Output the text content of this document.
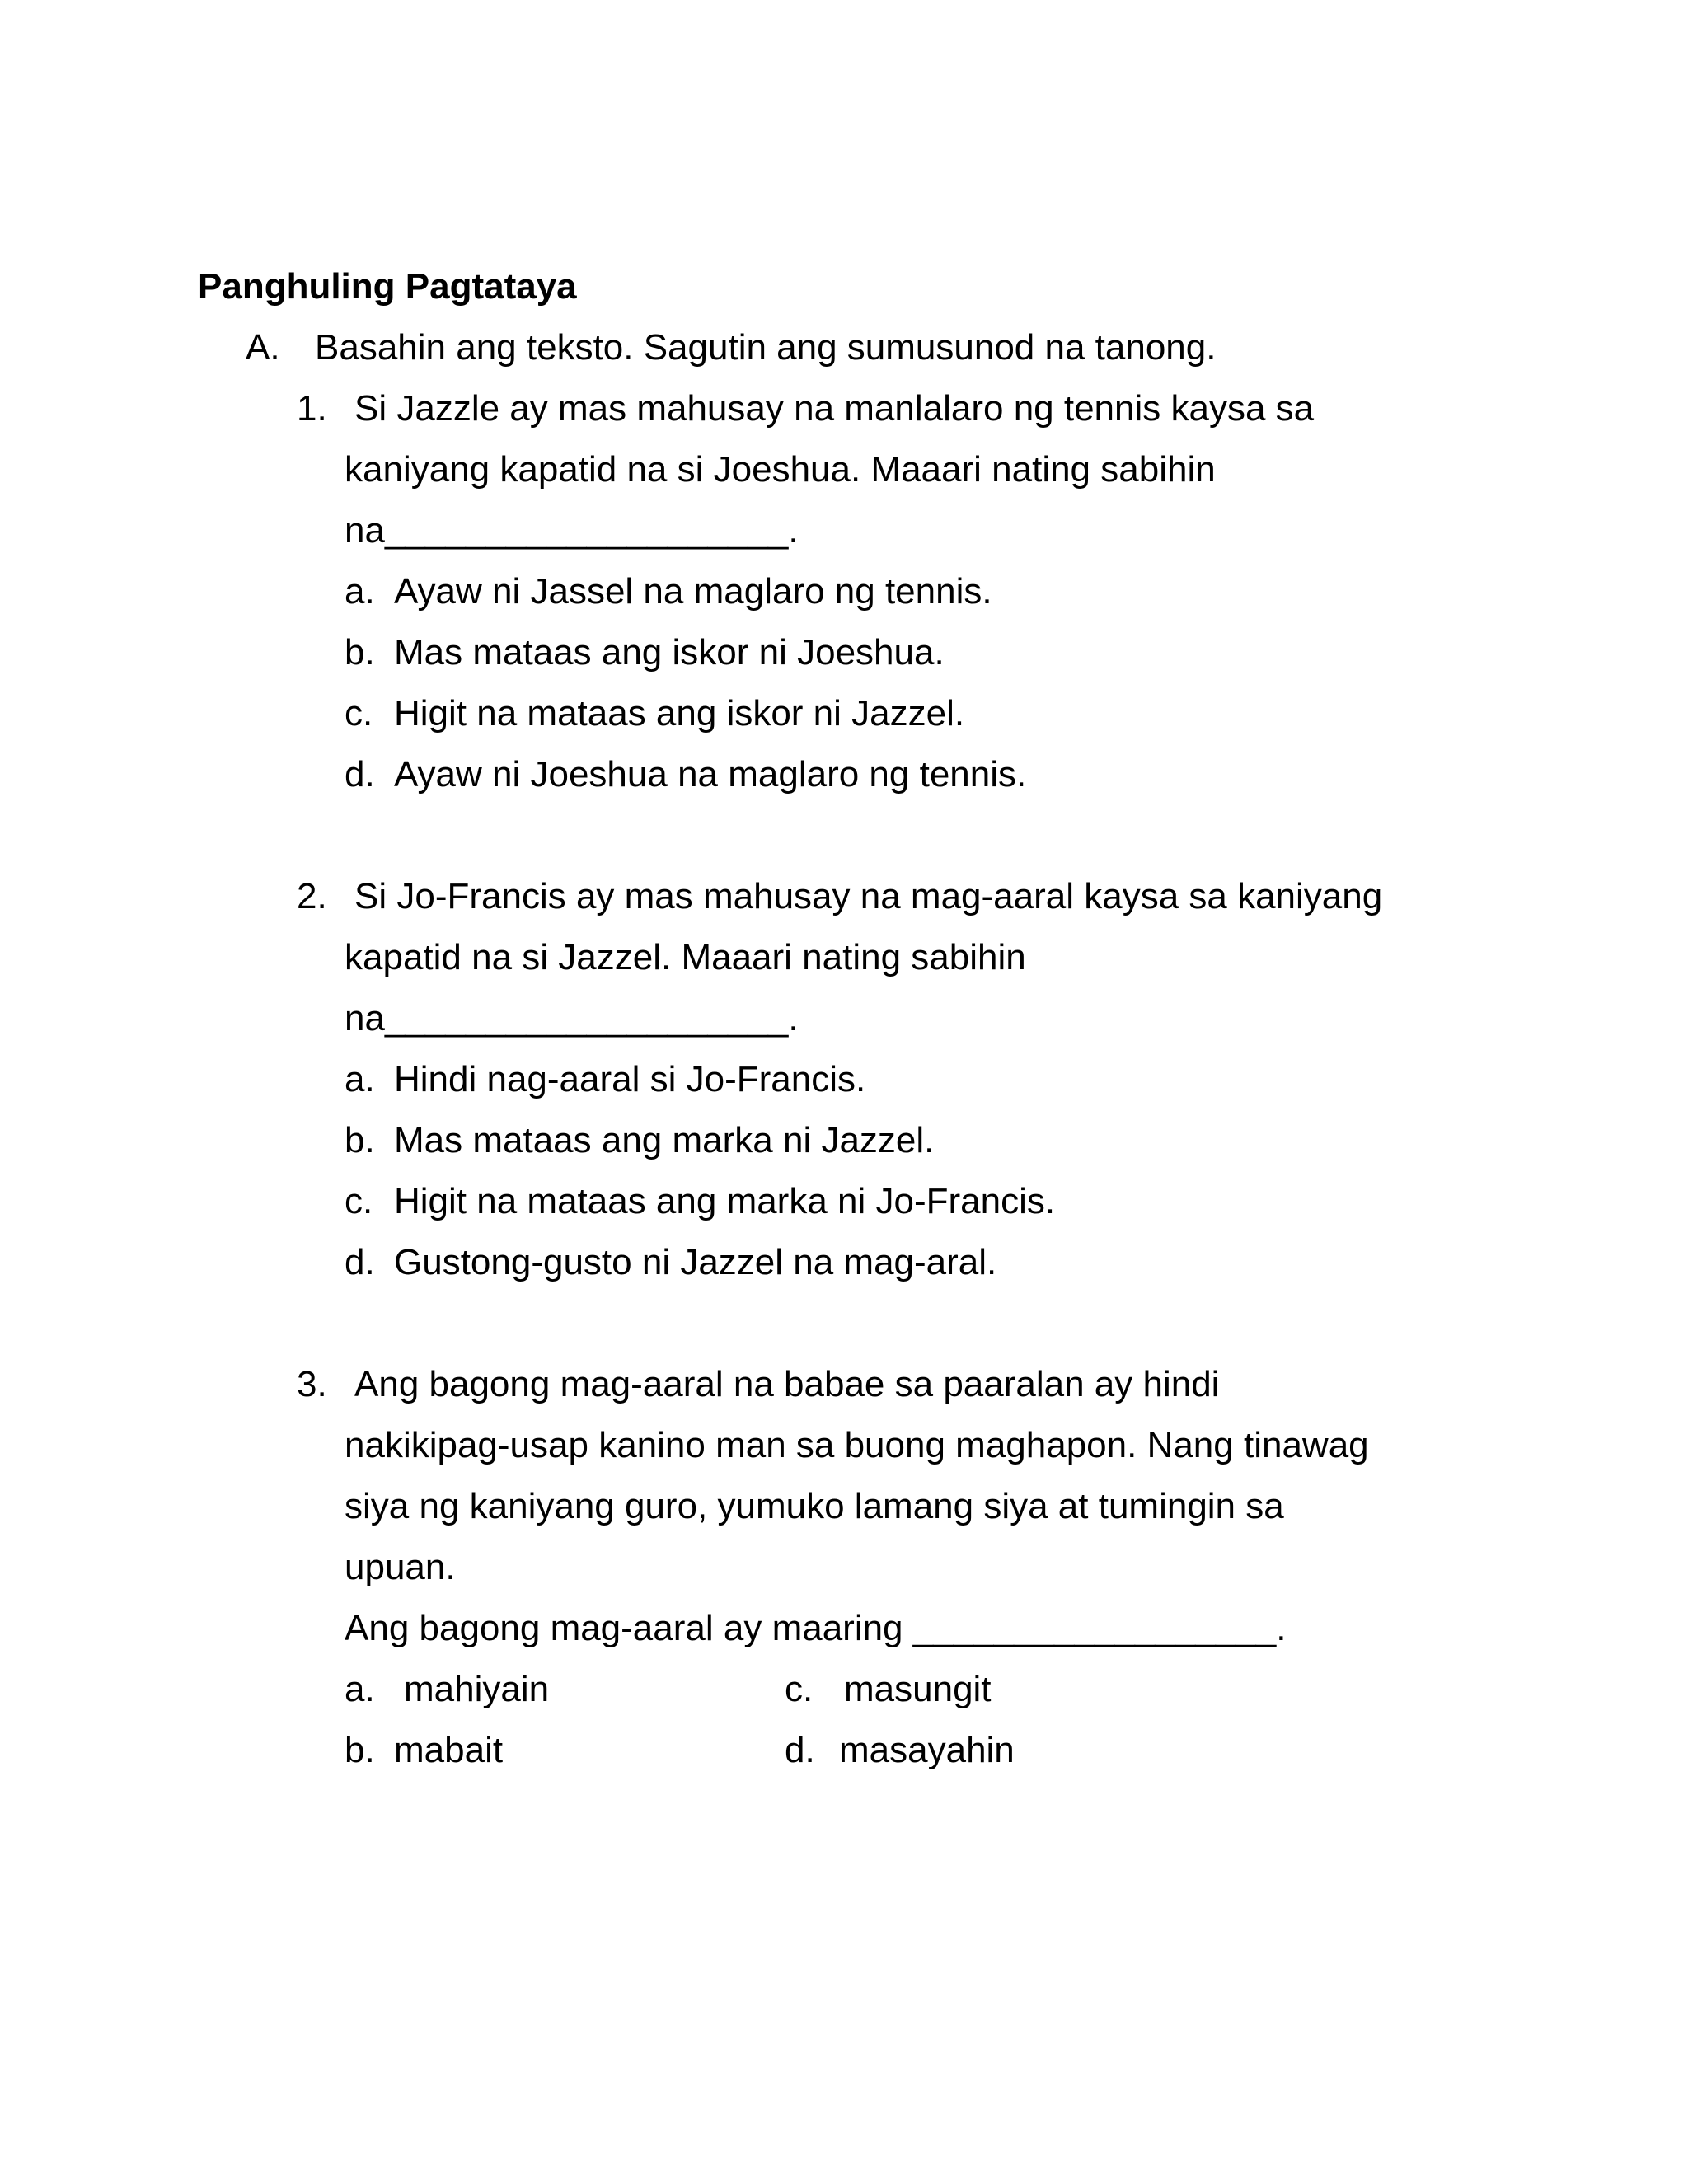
Panghuling Pagtataya
A. Basahin ang teksto. Sagutin ang sumusunod na tanong.
1. Si Jazzle ay mas mahusay na manlalaro ng tennis kaysa sa
kaniyang kapatid na si Joeshua. Maaari nating sabihin
na____________________.
a. Ayaw ni Jassel na maglaro ng tennis.
b. Mas mataas ang iskor ni Joeshua.
c. Higit na mataas ang iskor ni Jazzel.
d. Ayaw ni Joeshua na maglaro ng tennis.
2. Si Jo-Francis ay mas mahusay na mag-aaral kaysa sa kaniyang
kapatid na si Jazzel. Maaari nating sabihin
na____________________.
a. Hindi nag-aaral si Jo-Francis.
b. Mas mataas ang marka ni Jazzel.
c. Higit na mataas ang marka ni Jo-Francis.
d. Gustong-gusto ni Jazzel na mag-aral.
3. Ang bagong mag-aaral na babae sa paaralan ay hindi
nakikipag-usap kanino man sa buong maghapon. Nang tinawag
siya ng kaniyang guro, yumuko lamang siya at tumingin sa
upuan.
Ang bagong mag-aaral ay maaring __________________.
a. mahiyain	c. masungit
b. mabait	d. masayahin
